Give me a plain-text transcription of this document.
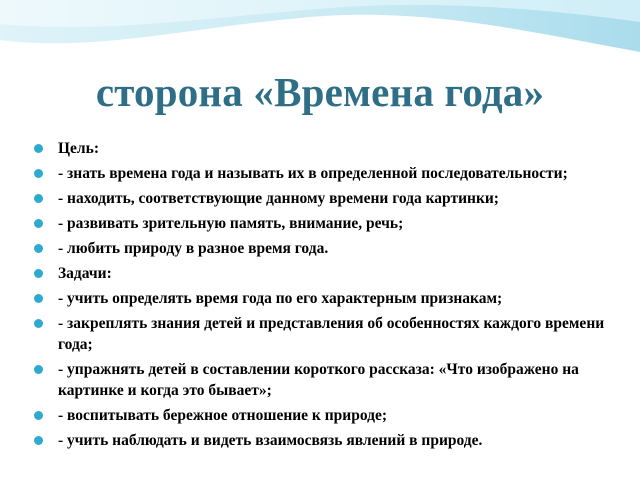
сторона «Времена года»
Цель:
- знать времена года и называть их в определенной последовательности;
- находить, соответствующие данному времени года картинки;
- развивать зрительную память, внимание, речь;
- любить природу в разное время года.
Задачи:
- учить определять время года по его характерным признакам;
- закреплять знания детей и представления об особенностях каждого времени года;
- упражнять детей в составлении короткого рассказа: «Что изображено на картинке и когда это бывает»;
- воспитывать бережное отношение к природе;
- учить наблюдать и видеть взаимосвязь явлений в природе.
